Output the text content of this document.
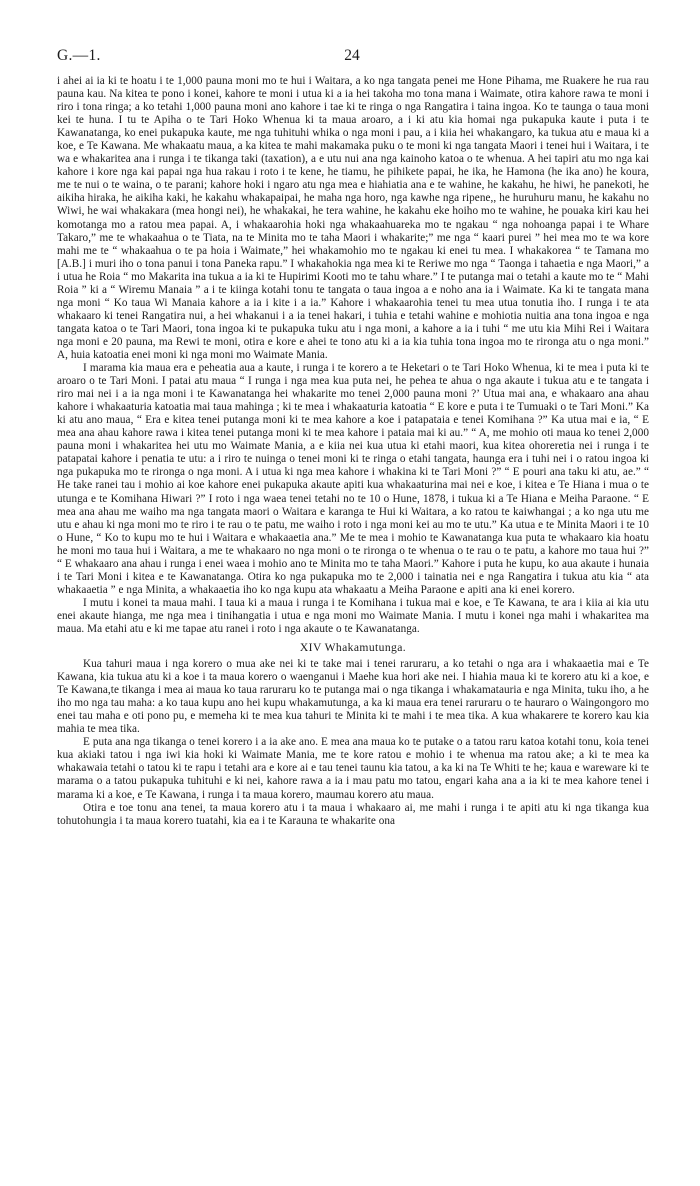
G.—1.	24

i ahei ai ia ki te hoatu i te 1,000 pauna moni mo te hui i Waitara, a ko nga tangata penei me Hone Pihama, me Ruakere he rua rau pauna kau. Na kitea te pono i konei, kahore te moni i utua ki a ia hei takoha mo tona mana i Waimate, otira kahore rawa te moni i riro i tona ringa; a ko tetahi 1,000 pauna moni ano kahore i tae ki te ringa o nga Rangatira i taina ingoa. Ko te taunga o taua moni kei te huna. I tu te Apiha o te Tari Hoko Whenua ki ta maua aroaro, a i ki atu kia homai nga pukapuka kaute i puta i te Kawanatanga, ko enei pukapuka kaute, me nga tuhituhi whika o nga moni i pau, a i kiia hei whakangaro, ka tukua atu e maua ki a koe, e Te Kawana. Me whakaatu maua, a ka kitea te mahi makamaka puku o te moni ki nga tangata Maori i tenei hui i Waitara, i te wa e whakaritea ana i runga i te tikanga taki (taxation), a e utu nui ana nga kainoho katoa o te whenua. A hei tapiri atu mo nga kai kahore i kore nga kai papai nga hua rakau i roto i te kene, he tiamu, he pihikete papai, he ika, he Hamona (he ika ano) he koura, me te nui o te waina, o te parani; kahore hoki i ngaro atu nga mea e hiahiatia ana e te wahine, he kakahu, he hiwi, he panekoti, he aikiha hiraka, he aikiha kaki, he kakahu whakapaipai, he maha nga horo, nga kawhe nga ripene,, he huruhuru manu, he kakahu no Wiwi, he wai whakakara (mea hongi nei), he whakakai, he tera wahine, he kakahu eke hoiho mo te wahine, he pouaka kiri kau hei komotanga mo a ratou mea papai. A, i whakaarohia hoki nga whakaahuareka mo te ngakau “ nga nohoanga papai i te Whare Takaro,” me te whakaahua o te Tiata, na te Minita mo te taha Maori i whakarite;” me nga “ kaari purei ” hei mea mo te wa kore mahi me te “ whakaahua o te pa hoia i Waimate,” hei whakamohio mo te ngakau ki enei tu mea. I whakakorea “ te Tamana mo [A.B.] i muri iho o tona panui i tona Paneka rapu.” I whakahokia nga mea ki te Reriwe mo nga “ Taonga i tahaetia e nga Maori,” a i utua he Roia “ mo Makarita ina tukua a ia ki te Hupirimi Kooti mo te tahu whare.” I te putanga mai o tetahi a kaute mo te “ Mahi Roia ” ki a “ Wiremu Manaia ” a i te kiinga kotahi tonu te tangata o taua ingoa a e noho ana ia i Waimate. Ka ki te tangata mana nga moni “ Ko taua Wi Manaia kahore a ia i kite i a ia.” Kahore i whakaarohia tenei tu mea utua tonutia iho. I runga i te ata whakaaro ki tenei Rangatira nui, a hei whakanui i a ia tenei hakari, i tuhia e tetahi wahine e mohiotia nuitia ana tona ingoa e nga tangata katoa o te Tari Maori, tona ingoa ki te pukapuka tuku atu i nga moni, a kahore a ia i tuhi “ me utu kia Mihi Rei i Waitara nga moni e 20 pauna, ma Rewi te moni, otira e kore e ahei te tono atu ki a ia kia tuhia tona ingoa mo te rironga atu o nga moni.” A, huia katoatia enei moni ki nga moni mo Waimate Mania.

I marama kia maua era e peheatia aua a kaute, i runga i te korero a te Heketari o te Tari Hoko Whenua, ki te mea i puta ki te aroaro o te Tari Moni. I patai atu maua “ I runga i nga mea kua puta nei, he pehea te ahua o nga akaute i tukua atu e te tangata i riro mai nei i a ia nga moni i te Kawanatanga hei whakarite mo tenei 2,000 pauna moni ?’ Utua mai ana, e whakaaro ana ahau kahore i whakaaturia katoatia mai taua mahinga ; ki te mea i whakaaturia katoatia “ E kore e puta i te Tumuaki o te Tari Moni.” Ka ki atu ano maua, “ Era e kitea tenei putanga moni ki te mea kahore a koe i patapataia e tenei Komihana ?” Ka utua mai e ia, “ E mea ana ahau kahore rawa i kitea tenei putanga moni ki te mea kahore i pataia mai ki au.” “ A, me mohio oti maua ko tenei 2,000 pauna moni i whakaritea hei utu mo Waimate Mania, a e kiia nei kua utua ki etahi maori, kua kitea ohoreretia nei i runga i te patapatai kahore i penatia te utu: a i riro te nuinga o tenei moni ki te ringa o etahi tangata, haunga era i tuhi nei i o ratou ingoa ki nga pukapuka mo te rironga o nga moni. A i utua ki nga mea kahore i whakina ki te Tari Moni ?” “ E pouri ana taku ki atu, ae.” “ He take ranei tau i mohio ai koe kahore enei pukapuka akaute apiti kua whakaaturina mai nei e koe, i kitea e Te Hiana i mua o te utunga e te Komihana Hiwari ?” I roto i nga waea tenei tetahi no te 10 o Hune, 1878, i tukua ki a Te Hiana e Meiha Paraone. “ E mea ana ahau me waiho ma nga tangata maori o Waitara e karanga te Hui ki Waitara, a ko ratou te kaiwhangai ; a ko nga utu me utu e ahau ki nga moni mo te riro i te rau o te patu, me waiho i roto i nga moni kei au mo te utu.” Ka utua e te Minita Maori i te 10 o Hune, “ Ko to kupu mo te hui i Waitara e whakaaetia ana.” Me te mea i mohio te Kawanatanga kua puta te whakaaro kia hoatu he moni mo taua hui i Waitara, a me te whakaaro no nga moni o te rironga o te whenua o te rau o te patu, a kahore mo taua hui ?” “ E whakaaro ana ahau i runga i enei waea i mohio ano te Minita mo te taha Maori.” Kahore i puta he kupu, ko aua akaute i hunaia i te Tari Moni i kitea e te Kawanatanga. Otira ko nga pukapuka mo te 2,000 i tainatia nei e nga Rangatira i tukua atu kia “ ata whakaaetia ” e nga Minita, a whakaaetia iho ko nga kupu ata whakaatu a Meiha Paraone e apiti ana ki enei korero.

I mutu i konei ta maua mahi. I taua ki a maua i runga i te Komihana i tukua mai e koe, e Te Kawana, te ara i kiia ai kia utu enei akaute hianga, me nga mea i tinihangatia i utua e nga moni mo Waimate Mania. I mutu i konei nga mahi i whakaritea ma maua. Ma etahi atu e ki me tapae atu ranei i roto i nga akaute o te Kawanatanga.

XIV Whakamutunga.

Kua tahuri maua i nga korero o mua ake nei ki te take mai i tenei raruraru, a ko tetahi o nga ara i whakaaetia mai e Te Kawana, kia tukua atu ki a koe i ta maua korero o waenganui i Maehe kua hori ake nei. I hiahia maua ki te korero atu ki a koe, e Te Kawana,te tikanga i mea ai maua ko taua raruraru ko te putanga mai o nga tikanga i whakamatauria e nga Minita, tuku iho, a he iho mo nga tau maha: a ko taua kupu ano hei kupu whakamutunga, a ka ki maua era tenei raruraru o te hauraro o Waingongoro mo enei tau maha e oti pono pu, e memeha ki te mea kua tahuri te Minita ki te mahi i te mea tika. A kua whakarere te korero kau kia mahia te mea tika.

E puta ana nga tikanga o tenei korero i a ia ake ano. E mea ana maua ko te putake o a tatou raru katoa kotahi tonu, koia tenei kua akiaki tatou i nga iwi kia hoki ki Waimate Mania, me te kore ratou e mohio i te whenua ma ratou ake; a ki te mea ka whakawaia tetahi o tatou ki te rapu i tetahi ara e kore ai e tau tenei taunu kia tatou, a ka ki na Te Whiti te he; kaua e wareware ki te marama o a tatou pukapuka tuhituhi e ki nei, kahore rawa a ia i mau patu mo tatou, engari kaha ana a ia ki te mea kahore tenei i marama ki a koe, e Te Kawana, i runga i ta maua korero, maumau korero atu maua.

Otira e toe tonu ana tenei, ta maua korero atu i ta maua i whakaaro ai, me mahi i runga i te apiti atu ki nga tikanga kua tohutohungia i ta maua korero tuatahi, kia ea i te Karauna te whakarite ona
